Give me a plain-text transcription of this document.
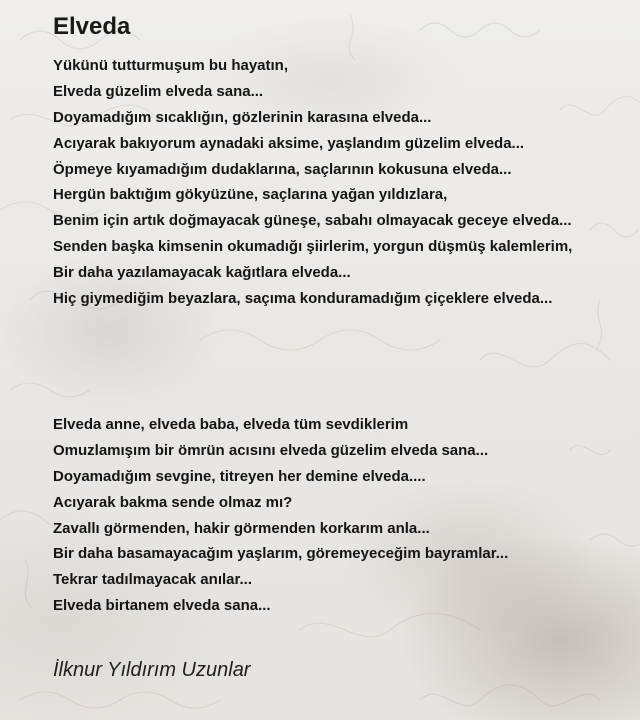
Elveda
Yükünü tutturmuşum bu hayatın,
Elveda güzelim elveda sana...
Doyamadığım sıcaklığın, gözlerinin karasına elveda...
Acıyarak bakıyorum aynadaki aksime, yaşlandım güzelim elveda...
Öpmeye kıyamadığım dudaklarına, saçlarının kokusuna elveda...
Hergün baktığım gökyüzüne, saçlarına yağan yıldızlara,
Benim için artık doğmayacak güneşe, sabahı olmayacak geceye elveda...
Senden başka kimsenin okumadığı şiirlerim, yorgun düşmüş kalemlerim,
Bir daha yazılamayacak kağıtlara elveda...
Hiç giymediğim beyazlara, saçıma konduramadığım çiçeklere elveda...
Elveda anne, elveda baba, elveda tüm sevdiklerim
Omuzlamışım bir ömrün acısını elveda güzelim elveda sana...
Doyamadığım sevgine, titreyen her demine elveda....
Acıyarak bakma sende olmaz mı?
Zavallı görmenden, hakir görmenden korkarım anla...
Bir daha basamayacağım yaşlarım, göremeyeceğim bayramlar...
Tekrar tadılmayacak anılar...
Elveda birtanem elveda sana...
İlknur Yıldırım Uzunlar
